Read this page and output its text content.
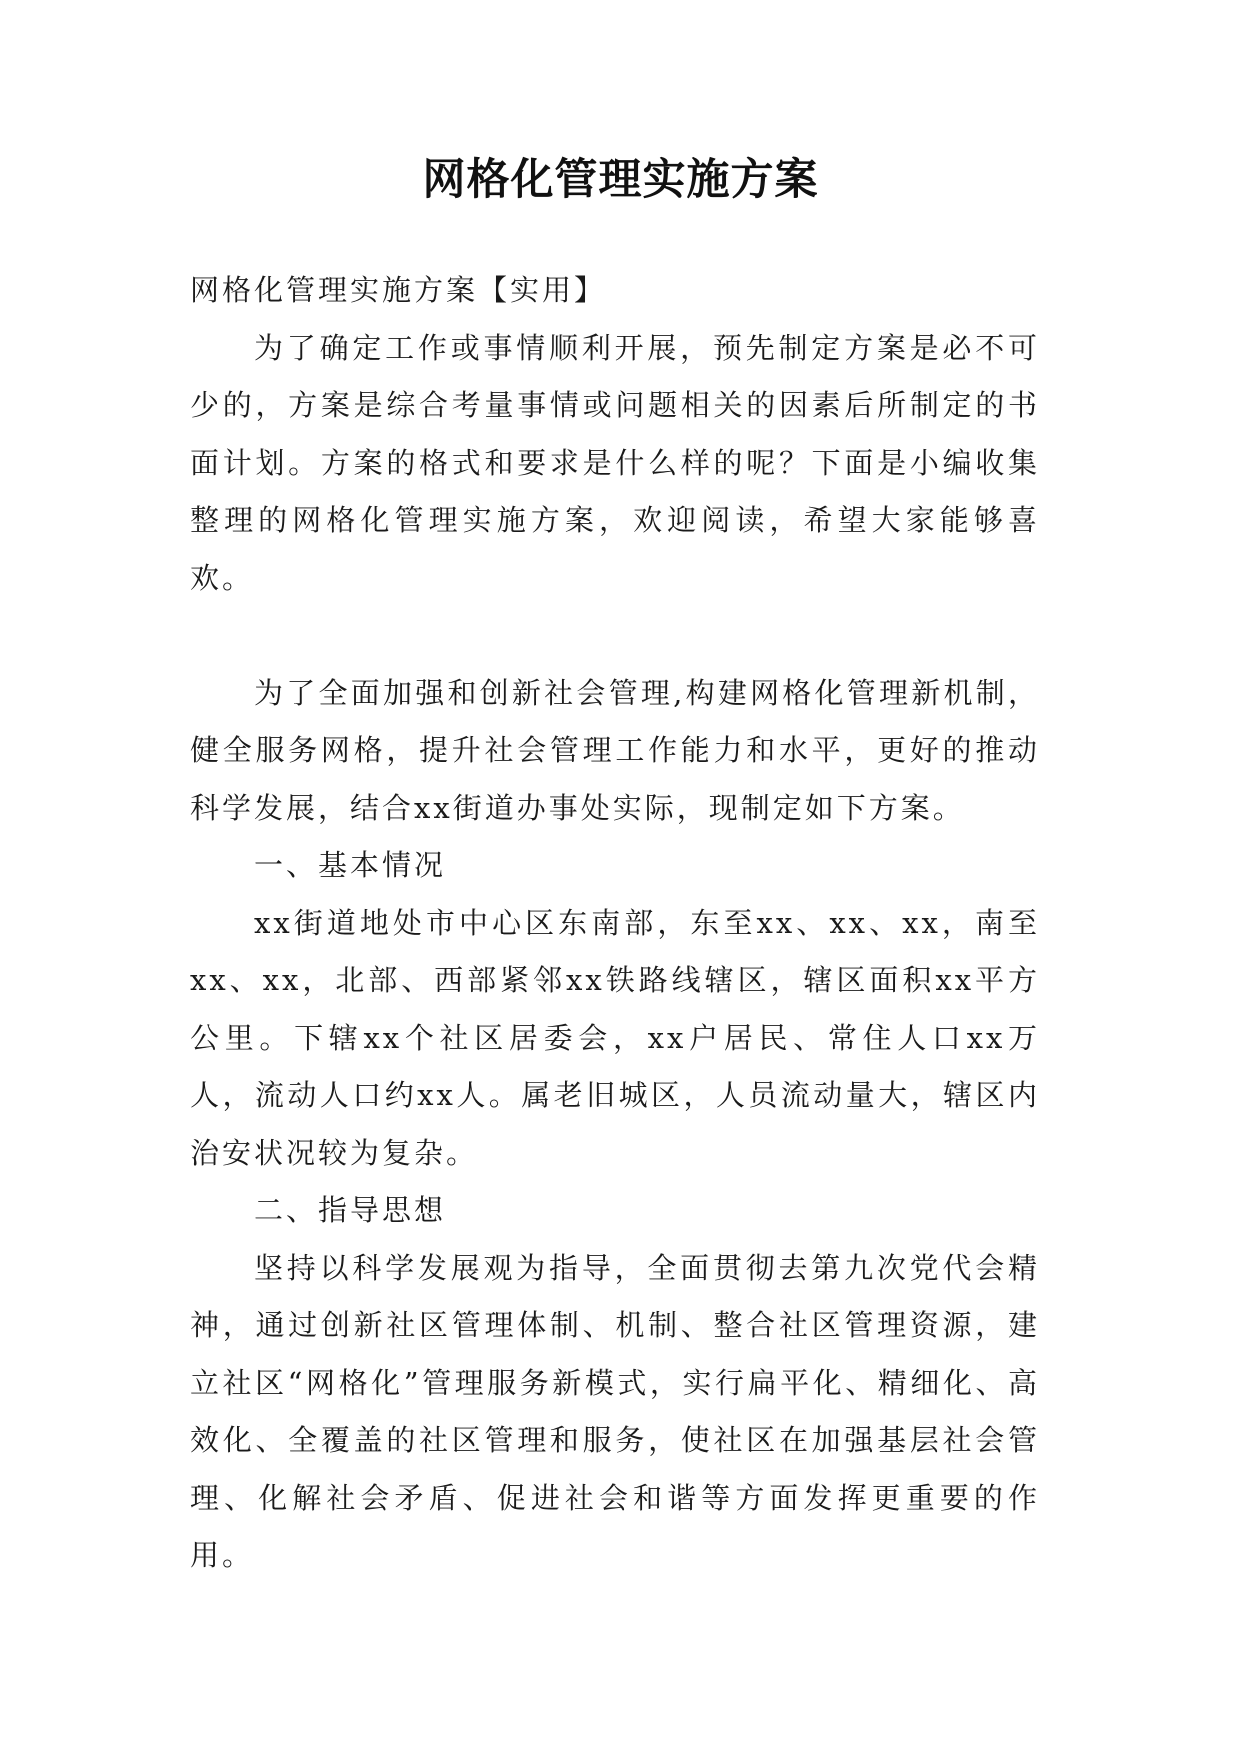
网格化管理实施方案

网格化管理实施方案【实用】

为了确定工作或事情顺利开展，预先制定方案是必不可少的，方案是综合考量事情或问题相关的因素后所制定的书面计划。方案的格式和要求是什么样的呢？下面是小编收集整理的网格化管理实施方案，欢迎阅读，希望大家能够喜欢。

为了全面加强和创新社会管理,构建网格化管理新机制，健全服务网格，提升社会管理工作能力和水平，更好的推动科学发展，结合xx街道办事处实际，现制定如下方案。

一、基本情况

xx街道地处市中心区东南部，东至xx、xx、xx，南至xx、xx，北部、西部紧邻xx铁路线辖区，辖区面积xx平方公里。下辖xx个社区居委会，xx户居民、常住人口xx万人，流动人口约xx人。属老旧城区，人员流动量大，辖区内治安状况较为复杂。

二、指导思想

坚持以科学发展观为指导，全面贯彻去第九次党代会精神，通过创新社区管理体制、机制、整合社区管理资源，建立社区“网格化”管理服务新模式，实行扁平化、精细化、高效化、全覆盖的社区管理和服务，使社区在加强基层社会管理、化解社会矛盾、促进社会和谐等方面发挥更重要的作用。
